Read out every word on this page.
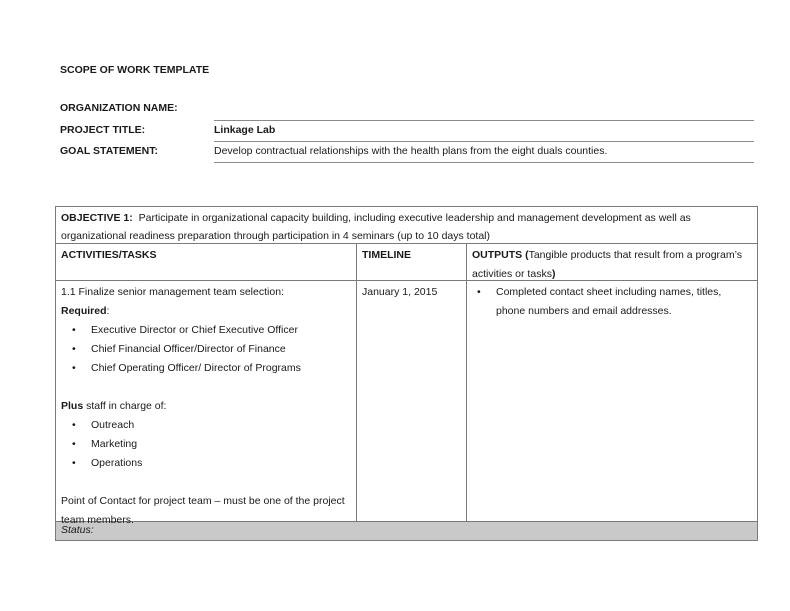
SCOPE OF WORK TEMPLATE
ORGANIZATION NAME:
PROJECT TITLE:	Linkage Lab
GOAL STATEMENT:	Develop contractual relationships with the health plans from the eight duals counties.
OBJECTIVE 1: Participate in organizational capacity building, including executive leadership and management development as well as organizational readiness preparation through participation in 4 seminars (up to 10 days total)
ACTIVITIES/TASKS	TIMELINE	OUTPUTS (Tangible products that result from a program’s activities or tasks)
1.1 Finalize senior management team selection:
Required:
• Executive Director or Chief Executive Officer
• Chief Financial Officer/Director of Finance
• Chief Operating Officer/ Director of Programs
Plus staff in charge of:
• Outreach
• Marketing
• Operations
Point of Contact for project team – must be one of the project team members.
January 1, 2015	• Completed contact sheet including names, titles, phone numbers and email addresses.
Status:
